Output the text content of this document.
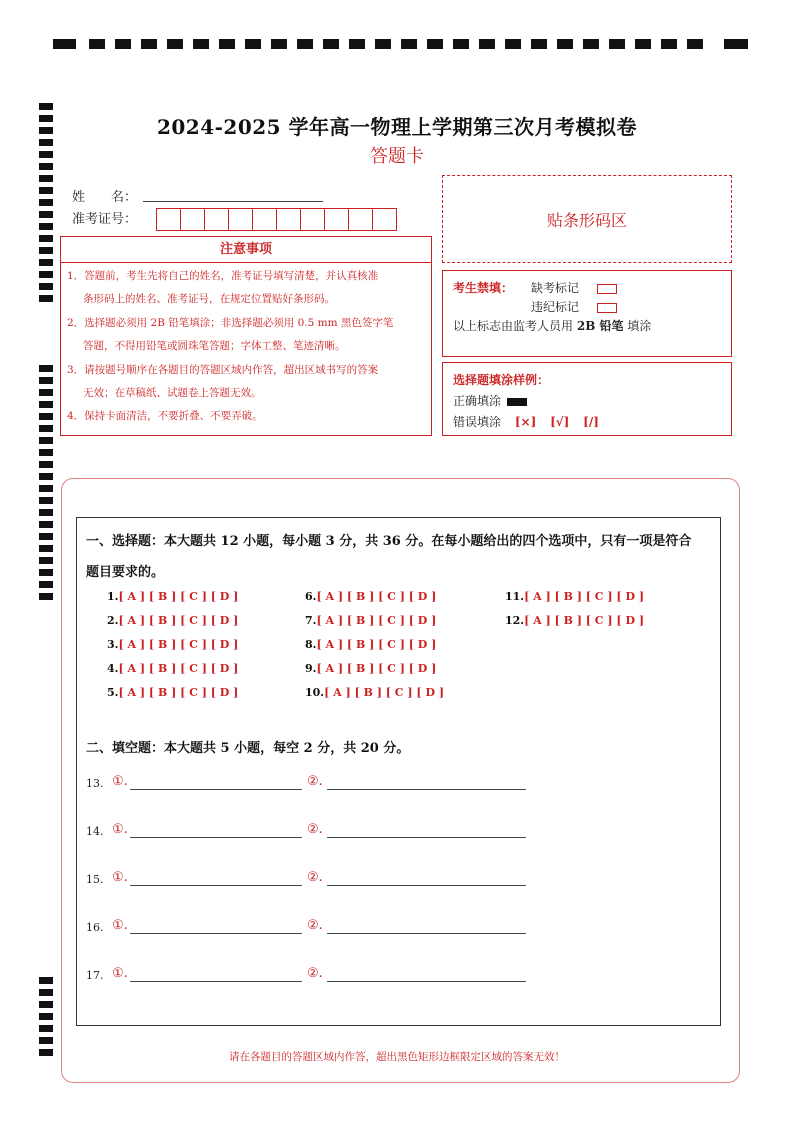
2024-2025 学年高一物理上学期第三次月考模拟卷
答题卡
姓　　名：
准考证号：	贴条形码区
注意事项
1．答题前，考生先将自己的姓名，准考证号填写清楚，并认真核准
条形码上的姓名、准考证号，在规定位置贴好条形码。
2．选择题必须用 2B 铅笔填涂；非选择题必须用 0.5 mm 黑色签字笔
答题，不得用铅笔或圆珠笔答题；字体工整、笔迹清晰。
3．请按题号顺序在各题目的答题区域内作答，超出区域书写的答案
无效；在草稿纸、试题卷上答题无效。
4．保持卡面清洁，不要折叠、不要弄破。
考生禁填： 缺考标记
违纪标记
以上标志由监考人员用 2B 铅笔 填涂
选择题填涂样例：
正确填涂
错误填涂 [×] [√] [/]
一、选择题：本大题共 12 小题，每小题 3 分，共 36 分。在每小题给出的四个选项中，只有一项是符合
题目要求的。
1.[ A ] [ B ] [ C ] [ D ]
2.[ A ] [ B ] [ C ] [ D ]
3.[ A ] [ B ] [ C ] [ D ]
4.[ A ] [ B ] [ C ] [ D ]
5.[ A ] [ B ] [ C ] [ D ]
6.[ A ] [ B ] [ C ] [ D ]
7.[ A ] [ B ] [ C ] [ D ]
8.[ A ] [ B ] [ C ] [ D ]
9.[ A ] [ B ] [ C ] [ D ]
10.[ A ] [ B ] [ C ] [ D ]
11.[ A ] [ B ] [ C ] [ D ]
12.[ A ] [ B ] [ C ] [ D ]
二、填空题：本大题共 5 小题，每空 2 分，共 20 分。
13. ①.	②.
14. ①.	②.
15. ①.	②.
16. ①.	②.
17. ①.	②.
请在各题目的答题区域内作答，超出黑色矩形边框限定区域的答案无效！
